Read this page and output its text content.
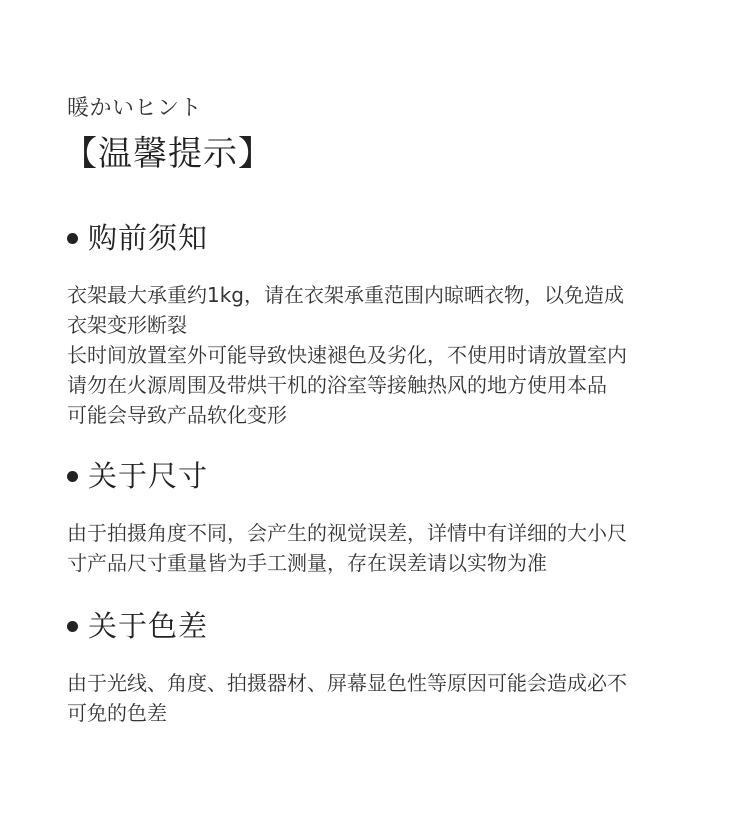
暖かいヒント
【温馨提示】
购前须知
衣架最大承重约1kg，请在衣架承重范围内晾晒衣物，以免造成
衣架变形断裂
长时间放置室外可能导致快速褪色及劣化，不使用时请放置室内
请勿在火源周围及带烘干机的浴室等接触热风的地方使用本品
可能会导致产品软化变形
关于尺寸
由于拍摄角度不同，会产生的视觉误差，详情中有详细的大小尺
寸产品尺寸重量皆为手工测量，存在误差请以实物为准
关于色差
由于光线、角度、拍摄器材、屏幕显色性等原因可能会造成必不
可免的色差
